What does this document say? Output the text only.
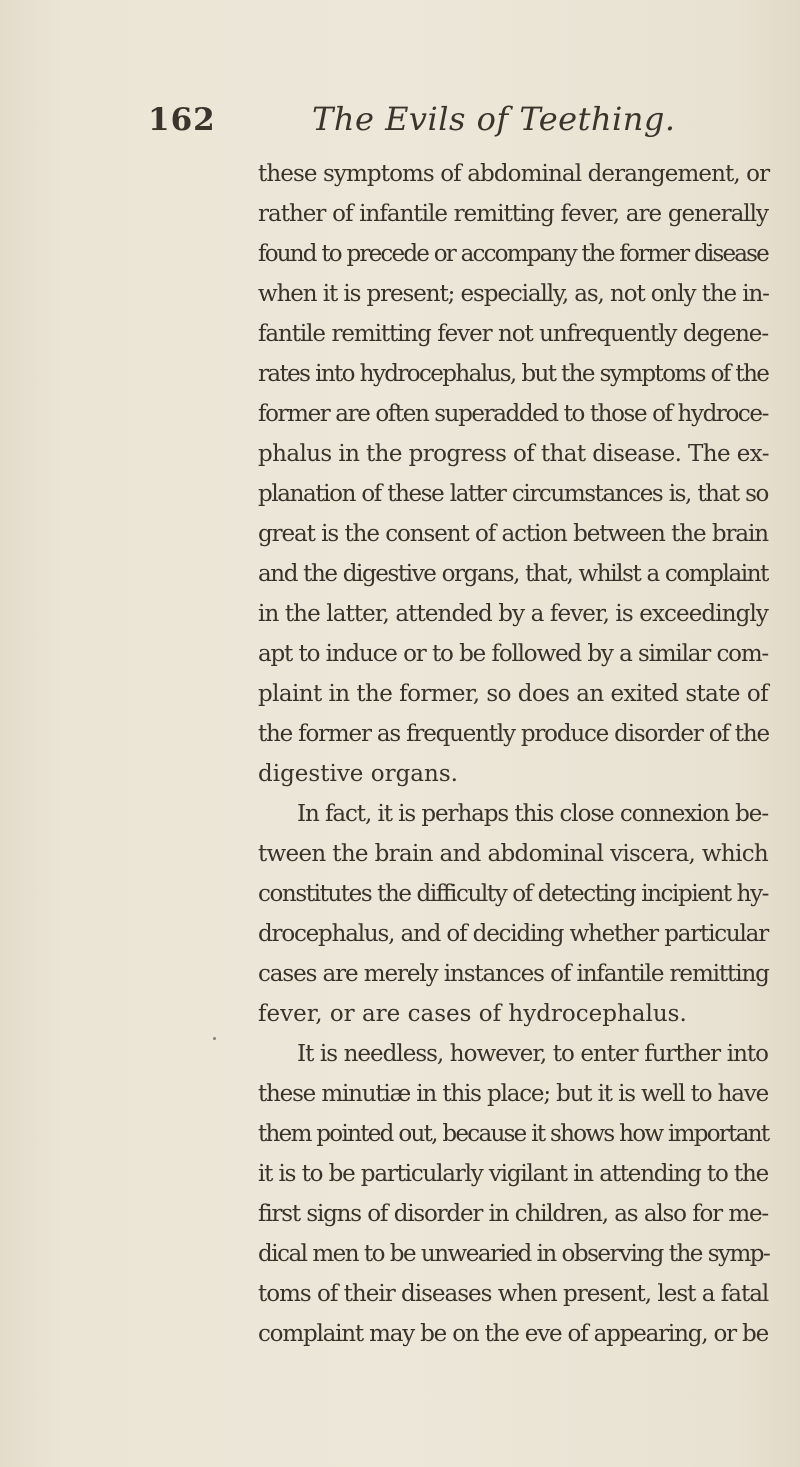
162	The Evils of Teething.
these symptoms of abdominal derangement, or
rather of infantile remitting fever, are generally
found to precede or accompany the former disease
when it is present; especially, as, not only the in-
fantile remitting fever not unfrequently degene-
rates into hydrocephalus, but the symptoms of the
former are often superadded to those of hydroce-
phalus in the progress of that disease. The ex-
planation of these latter circumstances is, that so
great is the consent of action between the brain
and the digestive organs, that, whilst a complaint
in the latter, attended by a fever, is exceedingly
apt to induce or to be followed by a similar com-
plaint in the former, so does an exited state of
the former as frequently produce disorder of the
digestive organs.
In fact, it is perhaps this close connexion be-
tween the brain and abdominal viscera, which
constitutes the difficulty of detecting incipient hy-
drocephalus, and of deciding whether particular
cases are merely instances of infantile remitting
fever, or are cases of hydrocephalus.
It is needless, however, to enter further into
these minutiæ in this place; but it is well to have
them pointed out, because it shows how important
it is to be particularly vigilant in attending to the
first signs of disorder in children, as also for me-
dical men to be unwearied in observing the symp-
toms of their diseases when present, lest a fatal
complaint may be on the eve of appearing, or be
